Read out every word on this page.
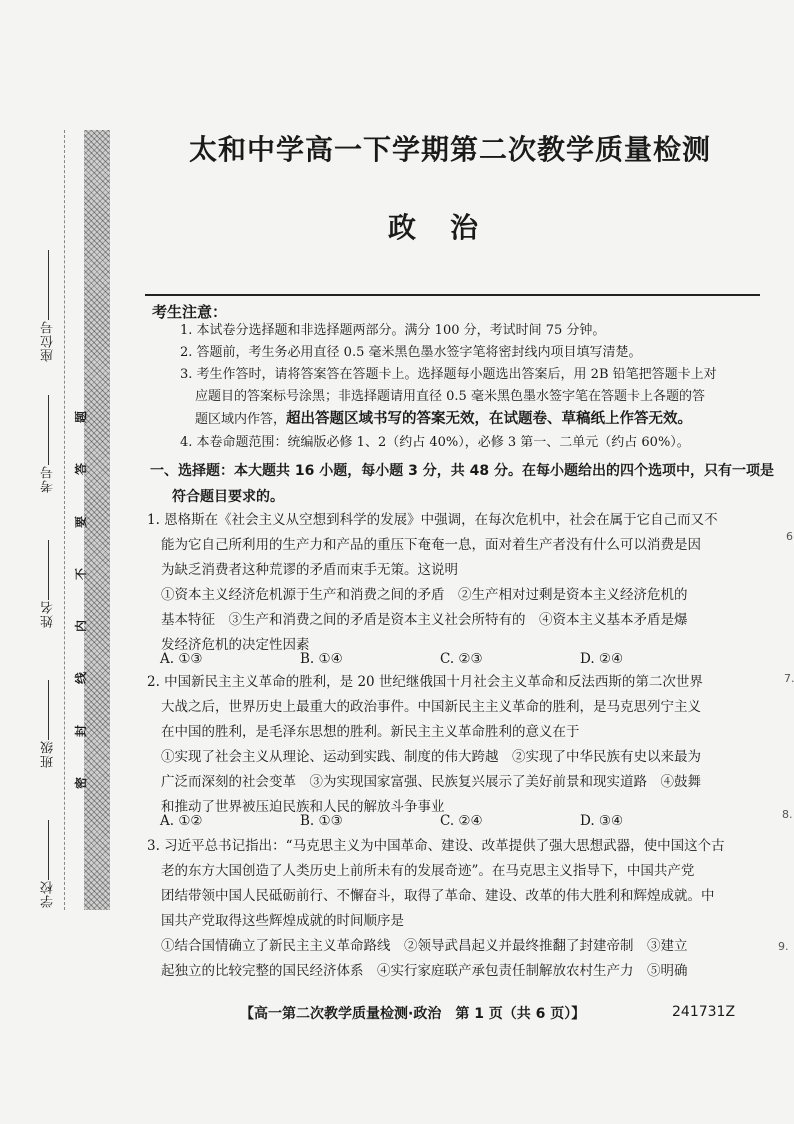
题
答
要
不
内
线
封
密
座位号
考号
姓名
班级
学校
太和中学高一下学期第二次教学质量检测
政治
考生注意：
1. 本试卷分选择题和非选择题两部分。满分 100 分，考试时间 75 分钟。
2. 答题前，考生务必用直径 0.5 毫米黑色墨水签字笔将密封线内项目填写清楚。
3. 考生作答时，请将答案答在答题卡上。选择题每小题选出答案后，用 2B 铅笔把答题卡上对
应题目的答案标号涂黑；非选择题请用直径 0.5 毫米黑色墨水签字笔在答题卡上各题的答
题区域内作答，超出答题区域书写的答案无效，在试题卷、草稿纸上作答无效。
4. 本卷命题范围：统编版必修 1、2（约占 40%），必修 3 第一、二单元（约占 60%）。
一、选择题：本大题共 16 小题，每小题 3 分，共 48 分。在每小题给出的四个选项中，只有一项是
符合题目要求的。
1. 恩格斯在《社会主义从空想到科学的发展》中强调，在每次危机中，社会在属于它自己而又不
能为它自己所利用的生产力和产品的重压下奄奄一息，面对着生产者没有什么可以消费是因
为缺乏消费者这种荒谬的矛盾而束手无策。这说明
①资本主义经济危机源于生产和消费之间的矛盾　②生产相对过剩是资本主义经济危机的
基本特征　③生产和消费之间的矛盾是资本主义社会所特有的　④资本主义基本矛盾是爆
发经济危机的决定性因素
A. ①③	B. ①④	C. ②③	D. ②④
2. 中国新民主主义革命的胜利，是 20 世纪继俄国十月社会主义革命和反法西斯的第二次世界
大战之后，世界历史上最重大的政治事件。中国新民主主义革命的胜利，是马克思列宁主义
在中国的胜利，是毛泽东思想的胜利。新民主主义革命胜利的意义在于
①实现了社会主义从理论、运动到实践、制度的伟大跨越　②实现了中华民族有史以来最为
广泛而深刻的社会变革　③为实现国家富强、民族复兴展示了美好前景和现实道路　④鼓舞
和推动了世界被压迫民族和人民的解放斗争事业
A. ①②	B. ①③	C. ②④	D. ③④
3. 习近平总书记指出：“马克思主义为中国革命、建设、改革提供了强大思想武器，使中国这个古
老的东方大国创造了人类历史上前所未有的发展奇迹”。在马克思主义指导下，中国共产党
团结带领中国人民砥砺前行、不懈奋斗，取得了革命、建设、改革的伟大胜利和辉煌成就。中
国共产党取得这些辉煌成就的时间顺序是
①结合国情确立了新民主主义革命路线　②领导武昌起义并最终推翻了封建帝制　③建立
起独立的比较完整的国民经济体系　④实行家庭联产承包责任制解放农村生产力　⑤明确
【高一第二次教学质量检测·政治　第 1 页（共 6 页）】	241731Z
6
7.
8.
9.
